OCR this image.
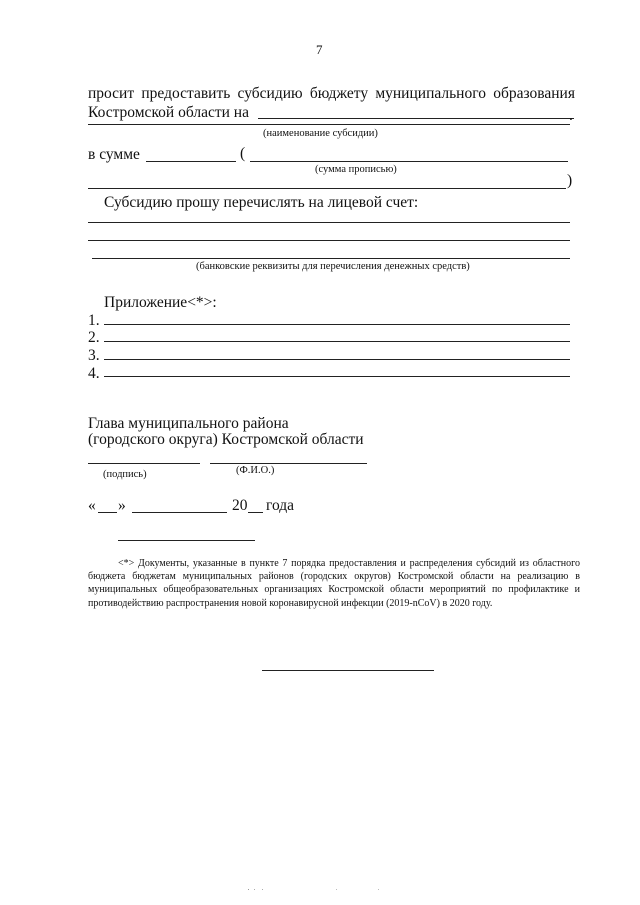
7
просит предоставить субсидию бюджету муниципального образования
Костромской области на	.
(наименование субсидии)
в сумме	(
(сумма прописью)
)
Субсидию прошу перечислять на лицевой счет:
(банковские реквизиты для перечисления денежных средств)
Приложение<*>:
1.
2.
3.
4.
Глава муниципального района
(городского округа) Костромской области
(подпись)	(Ф.И.О.)
« »	20 года
<*> Документы, указанные в пункте 7 порядка предоставления и распределения субсидий из областного бюджета бюджетам муниципальных районов (городских округов) Костромской области на реализацию в муниципальных общеобразовательных организациях Костромской области мероприятий по профилактике и противодействию распространения новой коронавирусной инфекции (2019-nCoV) в 2020 году.
